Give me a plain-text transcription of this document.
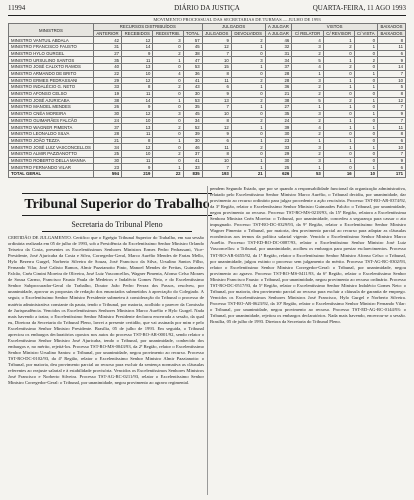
11994	DIÁRIO DA JUSTIÇA	QUARTA-FEIRA, 11 AGO 1993
MOVIMENTO PROCESSUAL DAS SECRETARIAS DE TURMAS — JULHO DE 1993
MINISTROS	RECURSOS DISTRIBUÍDOS				JULGADOS		A JULGAR	VISTOS			BAIXADOS
	ANTERIOR	RECEBIDOS	REDISTRIB.	TOTAL	JULGADOS	DEVOLVIDOS	A JULGAR	C/ RELATOR	C/ REVISOR	C/ VISTA	BAIXADOS
MINISTRO VANTUIL ABDALA	42	12	3	57	9	2	46	4	1	0	8
MINISTRO FRANCISCO FAUSTO	31	14	0	45	12	1	32	3	2	1	11
MINISTRO HYLO GURGEL	27	9	2	38	7	0	31	2	0	0	6
MINISTRO URSULINO SANTOS	35	11	1	47	10	3	34	5	1	2	9
MINISTRO JOSÉ CALIXTO RAMOS	40	13	0	53	15	1	37	4	2	0	14
MINISTRO ARMANDO DE BRITO	22	10	4	36	8	0	28	1	0	1	7
MINISTRO ERMES PEDRASSANI	29	12	0	41	11	2	28	3	1	0	10
MINISTRO INDALÉCIO G. NETO	33	8	2	43	6	1	36	2	1	1	5
MINISTRO AFONSO CELSO	19	11	0	30	9	0	21	2	0	0	8
MINISTRO JOSÉ AJURICABA	38	14	1	53	13	2	38	5	2	1	12
MINISTRO MANOEL MENDES	26	9	0	35	7	1	27	1	1	0	7
MINISTRO CNÉA MOREIRA	30	12	3	45	10	0	35	3	0	1	9
MINISTRO GUIMARÃES FALCÃO	24	10	0	34	8	2	24	2	1	0	7
MINISTRO WAGNER PIMENTA	37	13	2	52	12	1	39	4	1	1	11
MINISTRO LEONALDO SILVA	28	11	0	39	9	0	30	2	0	0	8
MINISTRO JOÃO TEZZA	21	8	1	30	6	1	23	1	1	0	6
MINISTRO JOSÉ LUIZ VASCONCELLOS	34	12	0	46	11	2	33	3	1	1	10
MINISTRO ALMIR PAZZIANOTTO	25	10	2	37	8	0	29	2	0	0	7
MINISTRO ROBERTO DELLA MANNA	30	11	0	41	10	1	30	3	1	0	9
MINISTRO FERNANDO VILAR	23	9	1	33	7	1	25	1	0	1	6
TOTAL GERAL	594	219	22	835	193	21	626	53	16	10	171
Tribunal Superior do Trabalho
Secretaria do Tribunal Pleno

CERTIDÃO DE JULGAMENTO. Certifico que o Egrégio Tribunal Superior do Trabalho, em sua sessão ordinária realizada em 05 de julho de 1993, sob a Presidência do Excelentíssimo Senhor Ministro Orlando Teixeira da Costa, presentes os Excelentíssimos Senhores Ministros Ermes Pedro Pedrassani, Vice-Presidente, José Ajuricaba da Costa e Silva, Corregedor-Geral, Marco Aurélio Mendes de Farias Mello, Hylo Bezerra Gurgel, Norberto Silveira de Souza, José Francisco da Silva, Ursulino Santos Filho, Fernando Vilar, José Calixto Ramos, Almir Pazzianotto Pinto, Manoel Mendes de Freitas, Guimarães Falcão, Cnéa Cimini Moreira de Oliveira, José Luiz Vasconcellos, Wagner Pimenta, Afonso Celso Moraes de Sousa Carmo, Francisco Fausto Paula de Medeiros e Indalécio Gomes Neto, e do Excelentíssimo Senhor Subprocurador-Geral do Trabalho, Doutor João Pedro Ferraz dos Passos, resolveu, por unanimidade, aprovar as propostas de redação dos enunciados submetidos à apreciação do Colegiado. A seguir, o Excelentíssimo Senhor Ministro Presidente submeteu à consideração do Tribunal o processo de matéria administrativa constante da pauta, tendo o Tribunal, por maioria, acolhido o parecer da Comissão de Jurisprudência. Vencidos os Excelentíssimos Senhores Ministros Marco Aurélio e Hylo Gurgel. Nada mais havendo a tratar, o Excelentíssimo Senhor Ministro Presidente declarou encerrada a sessão, da qual eu, Diretora da Secretaria do Tribunal Pleno, lavrei a presente certidão, que vai assinada por mim e pelo Excelentíssimo Senhor Ministro Presidente. Brasília, 05 de julho de 1993. Em seguida, o Tribunal apreciou os embargos declaratórios opostos nos autos do processo TST-RO-AR-0001/92, sendo relator o Excelentíssimo Senhor Ministro José Ajuricaba, tendo o Tribunal, por unanimidade, conhecido dos embargos e, no mérito, rejeitá-los. Processo TST-RO-MS-0043/93, da 2ª Região, relator o Excelentíssimo Senhor Ministro Ursulino Santos: o Tribunal, por unanimidade, negou provimento ao recurso. Processo TST-RO-DC-0102/93, da 4ª Região, relator o Excelentíssimo Senhor Ministro Almir Pazzianotto: o Tribunal, por maioria, deu provimento parcial ao recurso para excluir da sentença normativa as cláusulas referentes ao reajuste salarial e à estabilidade provisória. Vencidos os Excelentíssimos Senhores Ministros José Francisco e Norberto Silveira. Processo TST-AG-RC-0211/93, relator o Excelentíssimo Senhor Ministro Corregedor-Geral: o Tribunal, por unanimidade, negou provimento ao agravo regimental.

pendem Segundo Estado, que por se quando a responsabilidade funcional da organização administrativa, relatado pelo Excelentíssimo Senhor Ministro Marco Aurélio, o Tribunal decidiu, por unanimidade, dar provimento ao recurso ordinário para julgar procedente a ação rescisória. Processo TST-RO-AR-0374/92, da 3ª Região, relator o Excelentíssimo Senhor Ministro Guimarães Falcão: o Tribunal, por unanimidade, negou provimento ao recurso. Processo TST-RO-MS-0218/93, da 15ª Região, relatora a Excelentíssima Senhora Ministra Cnéa Moreira: o Tribunal, por unanimidade, concedeu a segurança para cassar o ato impugnado. Processo TST-RO-DC-0329/93, da 9ª Região, relator o Excelentíssimo Senhor Ministro Wagner Pimenta: o Tribunal, por maioria, deu provimento parcial ao recurso para adaptar as cláusulas econômicas aos termos da política salarial vigente. Vencido o Excelentíssimo Senhor Ministro Marco Aurélio. Processo TST-ED-RO-DC-0087/93, relator o Excelentíssimo Senhor Ministro José Luiz Vasconcellos: o Tribunal, por unanimidade, acolheu os embargos para prestar esclarecimentos. Processo TST-RO-AR-0455/92, da 1ª Região, relator o Excelentíssimo Senhor Ministro Afonso Celso: o Tribunal, por unanimidade, julgou extinto o processo sem julgamento do mérito. Processo TST-AG-RC-0302/93, relator o Excelentíssimo Senhor Ministro Corregedor-Geral: o Tribunal, por unanimidade, negou provimento ao agravo. Processo TST-RO-MS-0411/93, da 6ª Região, relator o Excelentíssimo Senhor Ministro Francisco Fausto: o Tribunal, por unanimidade, negou provimento ao recurso ordinário. Processo TST-RO-DC-0517/93, da 5ª Região, relator o Excelentíssimo Senhor Ministro Indalécio Gomes Neto: o Tribunal, por maioria, deu provimento parcial ao recurso para excluir a cláusula de garantia de emprego. Vencidos os Excelentíssimos Senhores Ministros José Francisco, Hylo Gurgel e Norberto Silveira. Processo TST-RO-AR-0623/92, da 10ª Região, relator o Excelentíssimo Senhor Ministro Fernando Vilar: o Tribunal, por unanimidade, negou provimento ao recurso. Processo TST-ED-AG-RC-0144/93: o Tribunal, por unanimidade, rejeitou os embargos declaratórios. Nada mais havendo, encerrou-se a sessão. Brasília, 05 de julho de 1993. Diretora da Secretaria do Tribunal Pleno.
